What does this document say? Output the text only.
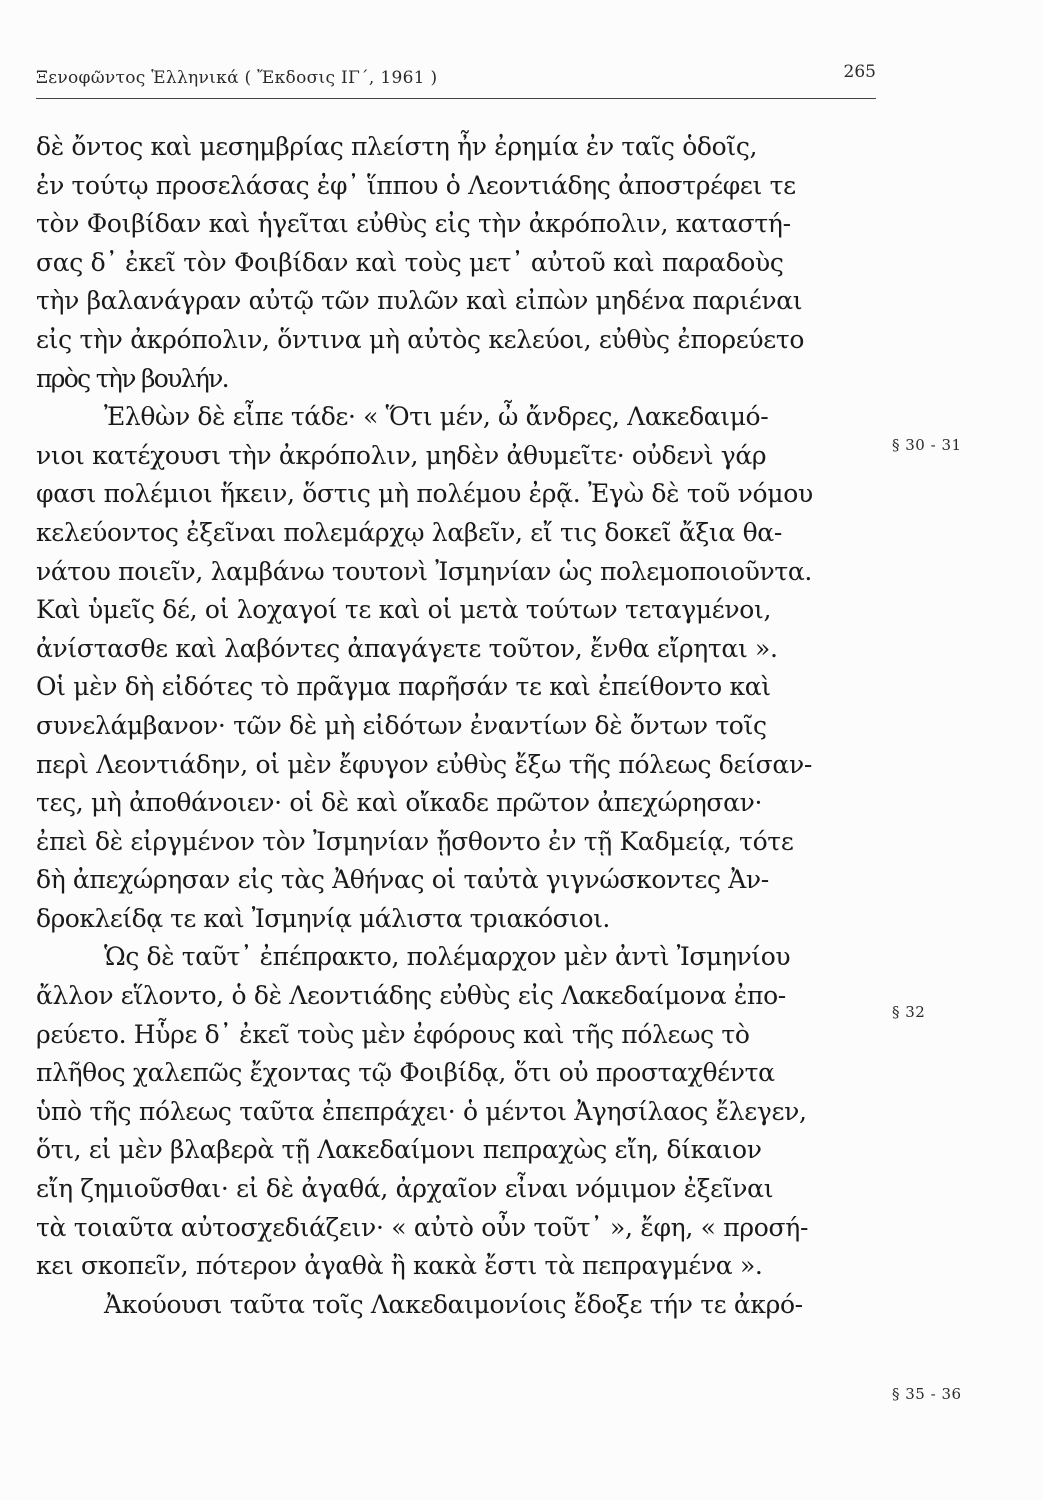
Ξενοφῶντος Ἑλληνικά ( Ἔκδοσις ΙΓ΄, 1961 )	265
δὲ ὄντος καὶ μεσημβρίας πλείστη ἦν ἐρημία ἐν ταῖς ὁδοῖς,
ἐν τούτῳ προσελάσας ἐφ᾽ ἵππου ὁ Λεοντιάδης ἀποστρέφει τε
τὸν Φοιβίδαν καὶ ἡγεῖται εὐθὺς εἰς τὴν ἀκρόπολιν, καταστή-
σας δ᾽ ἐκεῖ τὸν Φοιβίδαν καὶ τοὺς μετ᾽ αὐτοῦ καὶ παραδοὺς
τὴν βαλανάγραν αὐτῷ τῶν πυλῶν καὶ εἰπὼν μηδένα παριέναι
εἰς τὴν ἀκρόπολιν, ὅντινα μὴ αὐτὸς κελεύοι, εὐθὺς ἐπορεύετο
πρὸς τὴν βουλήν.
Ἐλθὼν δὲ εἶπε τάδε· « Ὅτι μέν, ὦ ἄνδρες, Λακεδαιμό-
νιοι κατέχουσι τὴν ἀκρόπολιν, μηδὲν ἀθυμεῖτε· οὐδενὶ γάρ
φασι πολέμιοι ἥκειν, ὅστις μὴ πολέμου ἐρᾷ. Ἐγὼ δὲ τοῦ νόμου
κελεύοντος ἐξεῖναι πολεμάρχῳ λαβεῖν, εἴ τις δοκεῖ ἄξια θα-
νάτου ποιεῖν, λαμβάνω τουτονὶ Ἰσμηνίαν ὡς πολεμοποιοῦντα.
Καὶ ὑμεῖς δέ, οἱ λοχαγοί τε καὶ οἱ μετὰ τούτων τεταγμένοι,
ἀνίστασθε καὶ λαβόντες ἀπαγάγετε τοῦτον, ἔνθα εἴρηται ».
Οἱ μὲν δὴ εἰδότες τὸ πρᾶγμα παρῆσάν τε καὶ ἐπείθοντο καὶ
συνελάμβανον· τῶν δὲ μὴ εἰδότων ἐναντίων δὲ ὄντων τοῖς
περὶ Λεοντιάδην, οἱ μὲν ἔφυγον εὐθὺς ἔξω τῆς πόλεως δείσαν-
τες, μὴ ἀποθάνοιεν· οἱ δὲ καὶ οἴκαδε πρῶτον ἀπεχώρησαν·
ἐπεὶ δὲ εἰργμένον τὸν Ἰσμηνίαν ᾔσθοντο ἐν τῇ Καδμείᾳ, τότε
δὴ ἀπεχώρησαν εἰς τὰς Ἀθήνας οἱ ταὐτὰ γιγνώσκοντες Ἀν-
δροκλείδᾳ τε καὶ Ἰσμηνίᾳ μάλιστα τριακόσιοι.
Ὡς δὲ ταῦτ᾽ ἐπέπρακτο, πολέμαρχον μὲν ἀντὶ Ἰσμηνίου
ἄλλον εἵλοντο, ὁ δὲ Λεοντιάδης εὐθὺς εἰς Λακεδαίμονα ἐπο-
ρεύετο. Ηὗρε δ᾽ ἐκεῖ τοὺς μὲν ἐφόρους καὶ τῆς πόλεως τὸ
πλῆθος χαλεπῶς ἔχοντας τῷ Φοιβίδᾳ, ὅτι οὐ προσταχθέντα
ὑπὸ τῆς πόλεως ταῦτα ἐπεπράχει· ὁ μέντοι Ἀγησίλαος ἔλεγεν,
ὅτι, εἰ μὲν βλαβερὰ τῇ Λακεδαίμονι πεπραχὼς εἴη, δίκαιον
εἴη ζημιοῦσθαι· εἰ δὲ ἀγαθά, ἀρχαῖον εἶναι νόμιμον ἐξεῖναι
τὰ τοιαῦτα αὐτοσχεδιάζειν· « αὐτὸ οὖν τοῦτ᾽ », ἔφη, « προσή-
κει σκοπεῖν, πότερον ἀγαθὰ ἢ κακὰ ἔστι τὰ πεπραγμένα ».
Ἀκούουσι ταῦτα τοῖς Λακεδαιμονίοις ἔδοξε τήν τε ἀκρό-
§ 30 - 31
§ 32
§ 35 - 36
